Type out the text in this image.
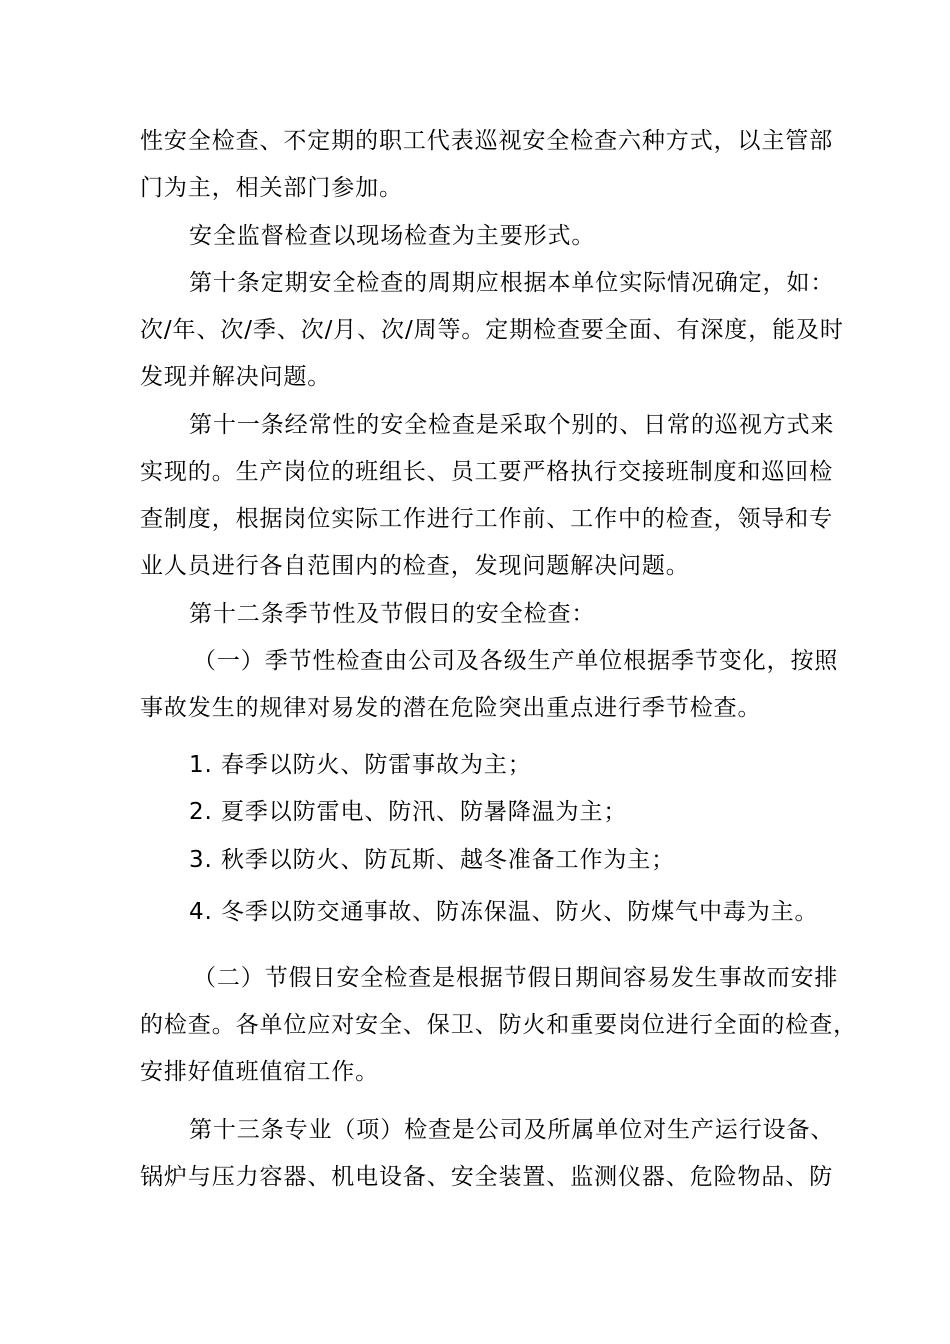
性安全检查、不定期的职工代表巡视安全检查六种方式，以主管部
门为主，相关部门参加。
安全监督检查以现场检查为主要形式。
第十条定期安全检查的周期应根据本单位实际情况确定，如：
次/年、次/季、次/月、次/周等。定期检查要全面、有深度，能及时
发现并解决问题。
第十一条经常性的安全检查是采取个别的、日常的巡视方式来
实现的。生产岗位的班组长、员工要严格执行交接班制度和巡回检
查制度，根据岗位实际工作进行工作前、工作中的检查，领导和专
业人员进行各自范围内的检查，发现问题解决问题。
第十二条季节性及节假日的安全检查：
（一）季节性检查由公司及各级生产单位根据季节变化，按照
事故发生的规律对易发的潜在危险突出重点进行季节检查。
1. 春季以防火、防雷事故为主；
2. 夏季以防雷电、防汛、防暑降温为主；
3. 秋季以防火、防瓦斯、越冬准备工作为主；
4. 冬季以防交通事故、防冻保温、防火、防煤气中毒为主。
（二）节假日安全检查是根据节假日期间容易发生事故而安排
的检查。各单位应对安全、保卫、防火和重要岗位进行全面的检查，
安排好值班值宿工作。
第十三条专业（项）检查是公司及所属单位对生产运行设备、
锅炉与压力容器、机电设备、安全装置、监测仪器、危险物品、防
